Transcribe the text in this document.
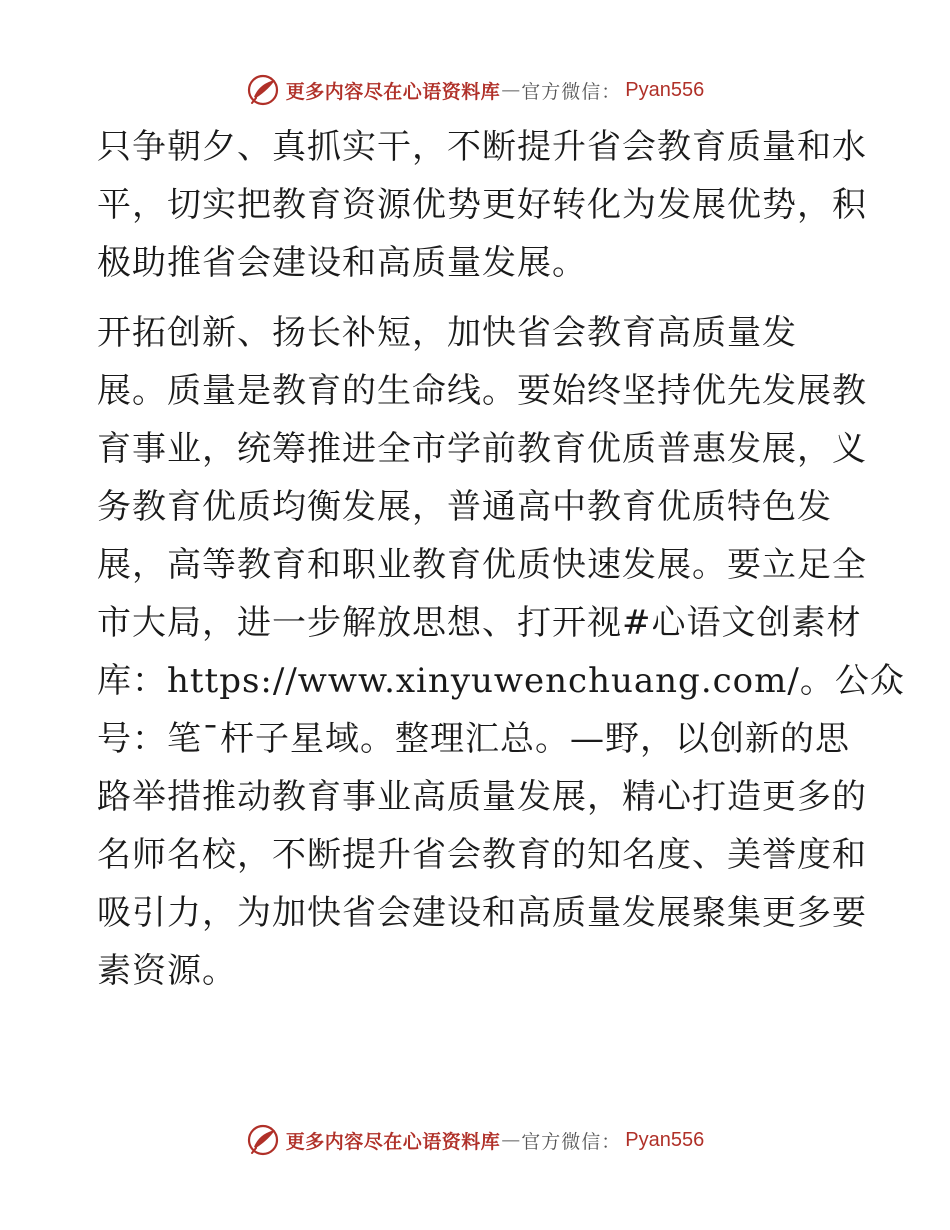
更多内容尽在心语资料库 — 官方微信： Pyan556

只争朝夕、真抓实干，不断提升省会教育质量和水
平，切实把教育资源优势更好转化为发展优势，积
极助推省会建设和高质量发展。

开拓创新、扬长补短，加快省会教育高质量发
展。质量是教育的生命线。要始终坚持优先发展教
育事业，统筹推进全市学前教育优质普惠发展，义
务教育优质均衡发展，普通高中教育优质特色发
展，高等教育和职业教育优质快速发展。要立足全
市大局，进一步解放思想、打开视#心语文创素材
库：https://www.xinyuwenchuang.com/。公众
号：笔¯杆子星域。整理汇总。—野，以创新的思
路举措推动教育事业高质量发展，精心打造更多的
名师名校，不断提升省会教育的知名度、美誉度和
吸引力，为加快省会建设和高质量发展聚集更多要
素资源。

更多内容尽在心语资料库 — 官方微信： Pyan556
